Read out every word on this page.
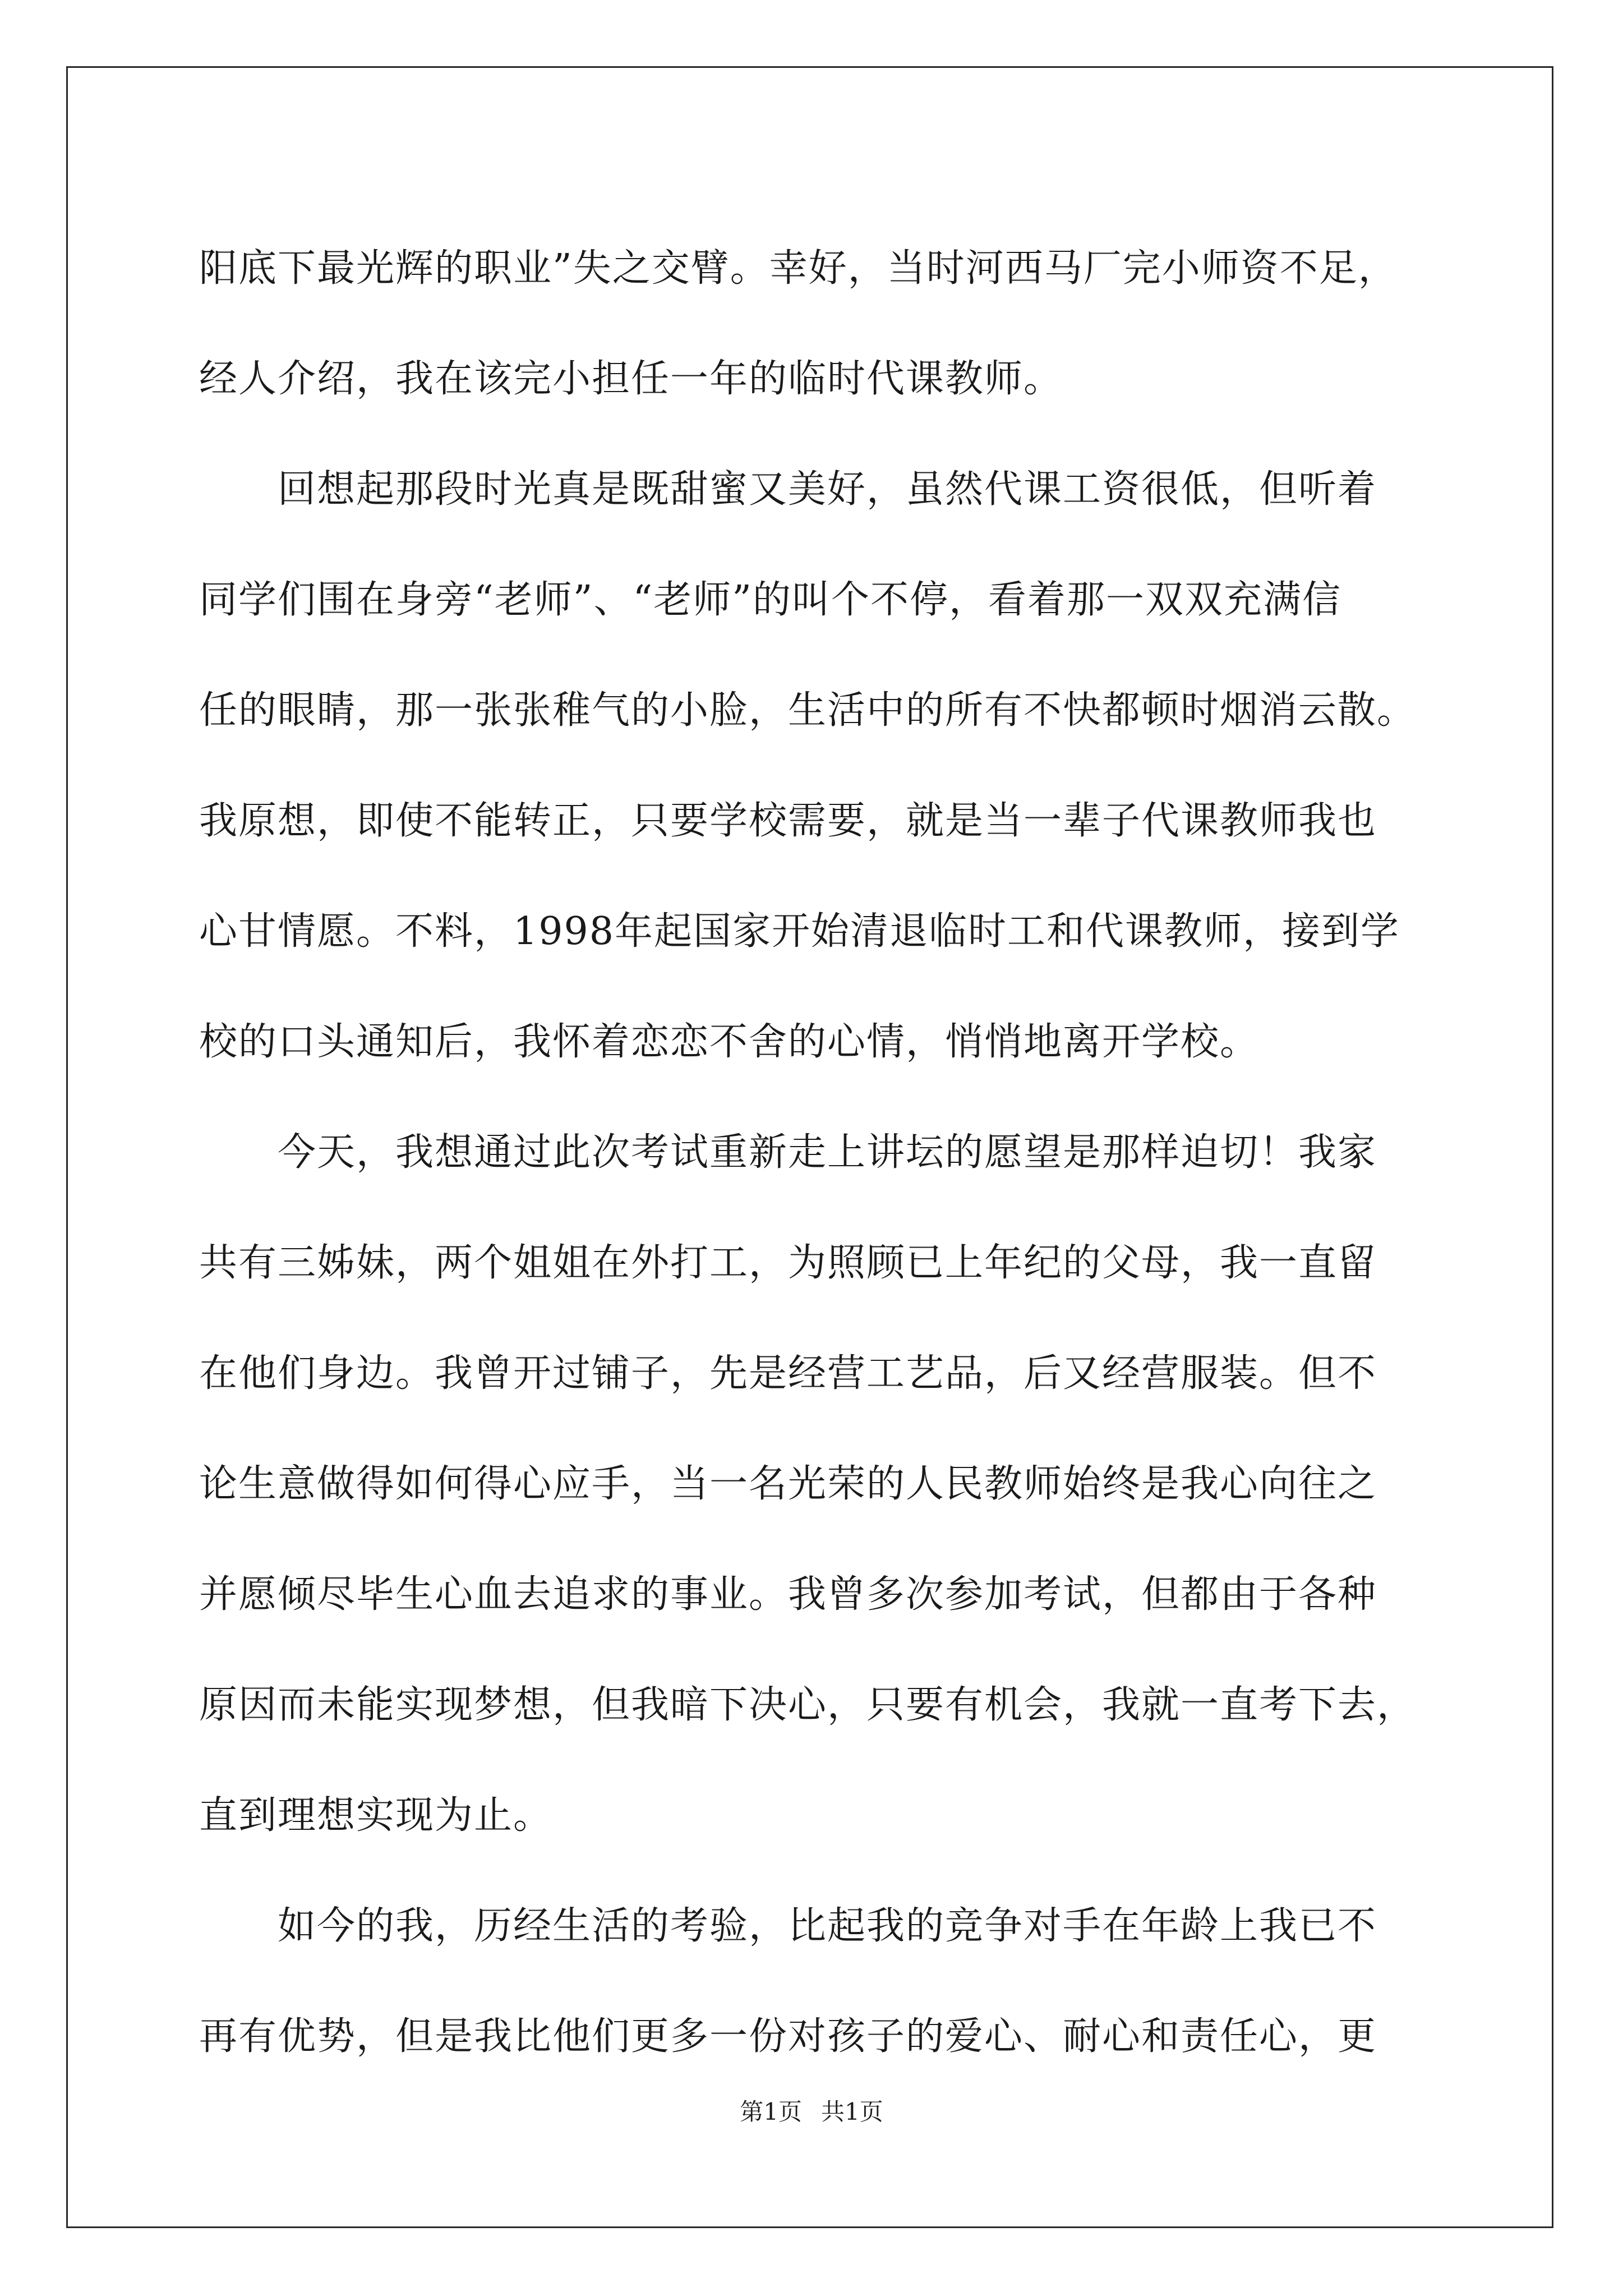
阳底下最光辉的职业”失之交臂。幸好，当时河西马厂完小师资不足，
经人介绍，我在该完小担任一年的临时代课教师。
　　回想起那段时光真是既甜蜜又美好，虽然代课工资很低，但听着
同学们围在身旁“老师”、“老师”的叫个不停，看着那一双双充满信
任的眼睛，那一张张稚气的小脸，生活中的所有不快都顿时烟消云散。
我原想，即使不能转正，只要学校需要，就是当一辈子代课教师我也
心甘情愿。不料，1998年起国家开始清退临时工和代课教师，接到学
校的口头通知后，我怀着恋恋不舍的心情，悄悄地离开学校。
　　今天，我想通过此次考试重新走上讲坛的愿望是那样迫切！我家
共有三姊妹，两个姐姐在外打工，为照顾已上年纪的父母，我一直留
在他们身边。我曾开过铺子，先是经营工艺品，后又经营服装。但不
论生意做得如何得心应手，当一名光荣的人民教师始终是我心向往之
并愿倾尽毕生心血去追求的事业。我曾多次参加考试，但都由于各种
原因而未能实现梦想，但我暗下决心，只要有机会，我就一直考下去，
直到理想实现为止。
　　如今的我，历经生活的考验，比起我的竞争对手在年龄上我已不
再有优势，但是我比他们更多一份对孩子的爱心、耐心和责任心，更
第1页 共1页
